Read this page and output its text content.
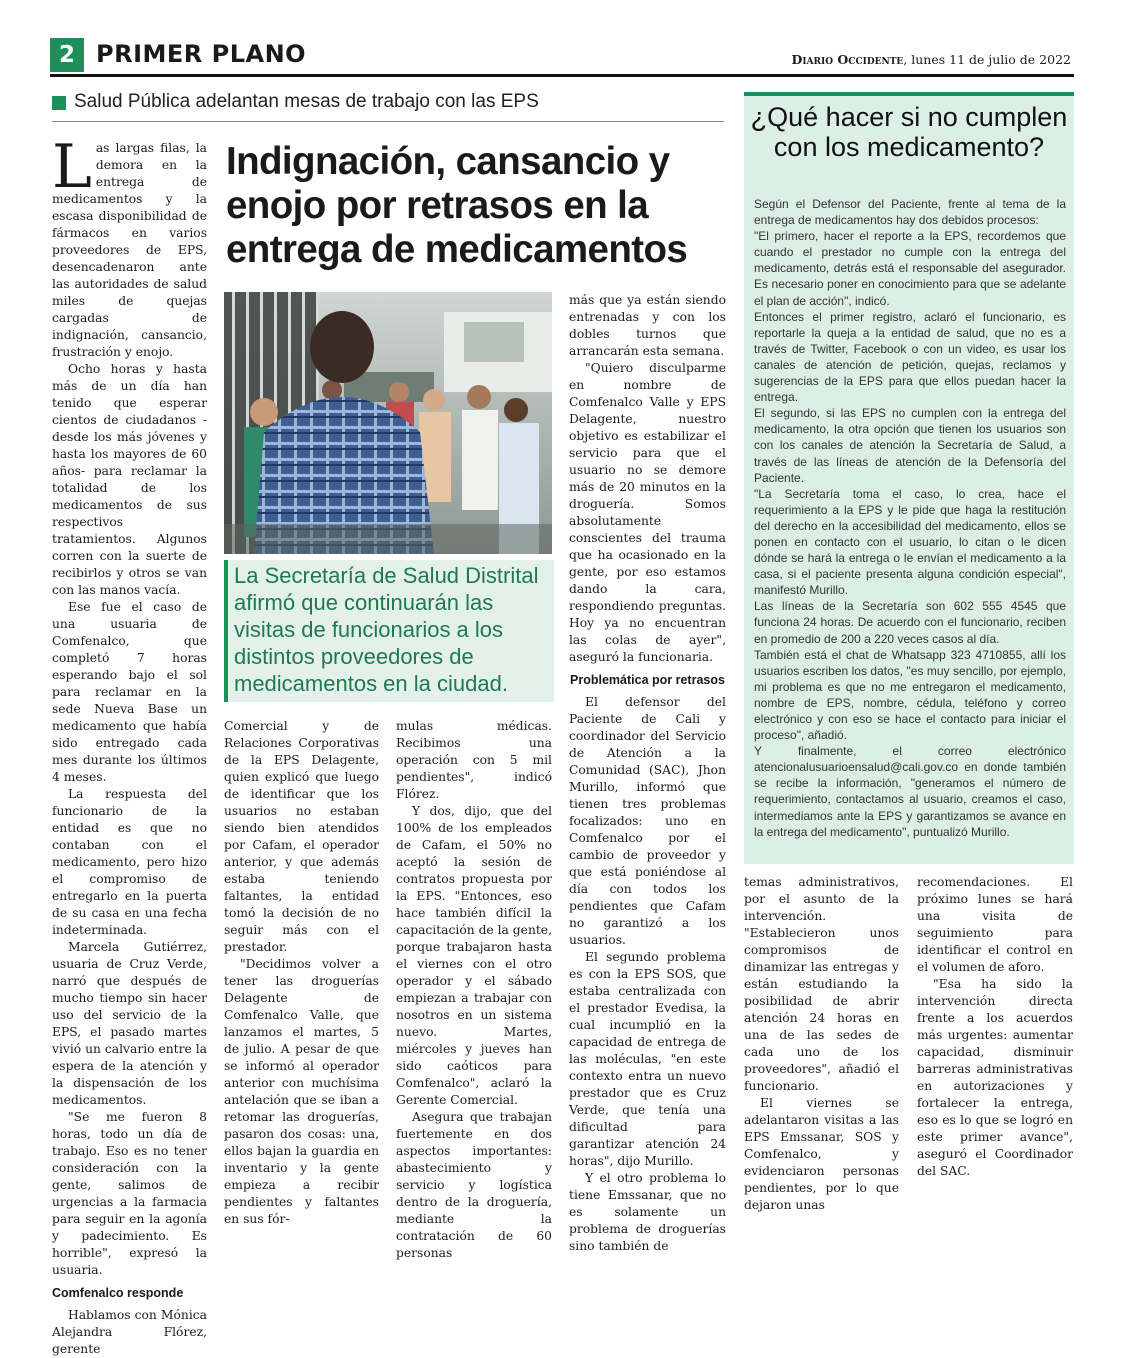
2 PRIMER PLANO	Diario Occidente, lunes 11 de julio de 2022
Salud Pública adelantan mesas de trabajo con las EPS

Las largas filas, la demora en la entrega de medicamentos y la escasa disponibilidad de fármacos en varios proveedores de EPS, desencadenaron ante las autoridades de salud miles de quejas cargadas de indignación, cansancio, frustración y enojo.

Ocho horas y hasta más de un día han tenido que esperar cientos de ciudadanos - desde los más jóvenes y hasta los mayores de 60 años- para reclamar la totalidad de los medicamentos de sus respectivos tratamientos. Algunos corren con la suerte de recibirlos y otros se van con las manos vacía.

Ese fue el caso de una usuaria de Comfenalco, que completó 7 horas esperando bajo el sol para reclamar en la sede Nueva Base un medicamento que había sido entregado cada mes durante los últimos 4 meses.

La respuesta del funcionario de la entidad es que no contaban con el medicamento, pero hizo el compromiso de entregarlo en la puerta de su casa en una fecha indeterminada.

Marcela Gutiérrez, usuaria de Cruz Verde, narró que después de mucho tiempo sin hacer uso del servicio de la EPS, el pasado martes vivió un calvario entre la espera de la atención y la dispensación de los medicamentos.

"Se me fueron 8 horas, todo un día de trabajo. Eso es no tener consideración con la gente, salimos de urgencias a la farmacia para seguir en la agonía y padecimiento. Es horrible", expresó la usuaria.

Comfenalco responde

Hablamos con Mónica Alejandra Flórez, gerente

Indignación, cansancio y enojo por retrasos en la entrega de medicamentos
La Secretaría de Salud Distrital afirmó que continuarán las visitas de funcionarios a los distintos proveedores de medicamentos en la ciudad.

Comercial y de Relaciones Corporativas de la EPS Delagente, quien explicó que luego de identificar que los usuarios no estaban siendo bien atendidos por Cafam, el operador anterior, y que además estaba teniendo faltantes, la entidad tomó la decisión de no seguir más con el prestador.

"Decidimos volver a tener las droguerías Delagente de Comfenalco Valle, que lanzamos el martes, 5 de julio. A pesar de que se informó al operador anterior con muchísima antelación que se iban a retomar las droguerías, pasaron dos cosas: una, ellos bajan la guardia en inventario y la gente empieza a recibir pendientes y faltantes en sus fór-

mulas médicas. Recibimos una operación con 5 mil pendientes", indicó Flórez.

Y dos, dijo, que del 100% de los empleados de Cafam, el 50% no aceptó la sesión de contratos propuesta por la EPS. "Entonces, eso hace también difícil la capacitación de la gente, porque trabajaron hasta el viernes con el otro operador y el sábado empiezan a trabajar con nosotros en un sistema nuevo. Martes, miércoles y jueves han sido caóticos para Comfenalco", aclaró la Gerente Comercial.

Asegura que trabajan fuertemente en dos aspectos importantes: abastecimiento y servicio y logística dentro de la droguería, mediante la contratación de 60 personas

más que ya están siendo entrenadas y con los dobles turnos que arrancarán esta semana.

"Quiero disculparme en nombre de Comfenalco Valle y EPS Delagente, nuestro objetivo es estabilizar el servicio para que el usuario no se demore más de 20 minutos en la droguería. Somos absolutamente conscientes del trauma que ha ocasionado en la gente, por eso estamos dando la cara, respondiendo preguntas. Hoy ya no encuentran las colas de ayer", aseguró la funcionaria.

Problemática por retrasos

El defensor del Paciente de Cali y coordinador del Servicio de Atención a la Comunidad (SAC), Jhon Murillo, informó que tienen tres problemas focalizados: uno en Comfenalco por el cambio de proveedor y que está poniéndose al día con todos los pendientes que Cafam no garantizó a los usuarios.

El segundo problema es con la EPS SOS, que estaba centralizada con el prestador Evedisa, la cual incumplió en la capacidad de entrega de las moléculas, "en este contexto entra un nuevo prestador que es Cruz Verde, que tenía una dificultad para garantizar atención 24 horas", dijo Murillo.

Y el otro problema lo tiene Emssanar, que no es solamente un problema de droguerías sino también de

¿Qué hacer si no cumplen con los medicamento?

Según el Defensor del Paciente, frente al tema de la entrega de medicamentos hay dos debidos procesos:

"El primero, hacer el reporte a la EPS, recordemos que cuando el prestador no cumple con la entrega del medicamento, detrás está el responsable del asegurador. Es necesario poner en conocimiento para que se adelante el plan de acción", indicó.

Entonces el primer registro, aclaró el funcionario, es reportarle la queja a la entidad de salud, que no es a través de Twitter, Facebook o con un video, es usar los canales de atención de petición, quejas, reclamos y sugerencias de la EPS para que ellos puedan hacer la entrega.

El segundo, si las EPS no cumplen con la entrega del medicamento, la otra opción que tienen los usuarios son con los canales de atención la Secretaría de Salud, a través de las líneas de atención de la Defensoría del Paciente.

"La Secretaría toma el caso, lo crea, hace el requerimiento a la EPS y le pide que haga la restitución del derecho en la accesibilidad del medicamento, ellos se ponen en contacto con el usuario, lo citan o le dicen dónde se hará la entrega o le envían el medicamento a la casa, si el paciente presenta alguna condición especial", manifestó Murillo.

Las líneas de la Secretaría son 602 555 4545 que funciona 24 horas. De acuerdo con el funcionario, reciben en promedio de 200 a 220 veces casos al día.

También está el chat de Whatsapp 323 4710855, allí los usuarios escriben los datos, "es muy sencillo, por ejemplo, mi problema es que no me entregaron el medicamento, nombre de EPS, nombre, cédula, teléfono y correo electrónico y con eso se hace el contacto para iniciar el proceso", añadió.

Y finalmente, el correo electrónico atencionalusuarioensalud@cali.gov.co en donde también se recibe la información, "generamos el número de requerimiento, contactamos al usuario, creamos el caso, intermediamos ante la EPS y garantizamos se avance en la entrega del medicamento", puntualizó Murillo.

temas administrativos, por el asunto de la intervención. "Establecieron unos compromisos de dinamizar las entregas y están estudiando la posibilidad de abrir atención 24 horas en una de las sedes de cada uno de los proveedores", añadió el funcionario.

El viernes se adelantaron visitas a las EPS Emssanar, SOS y Comfenalco, y evidenciaron personas pendientes, por lo que dejaron unas

recomendaciones. El próximo lunes se hará una visita de seguimiento para identificar el control en el volumen de aforo.

"Esa ha sido la intervención directa frente a los acuerdos más urgentes: aumentar capacidad, disminuir barreras administrativas en autorizaciones y fortalecer la entrega, eso es lo que se logró en este primer avance", aseguró el Coordinador del SAC.
